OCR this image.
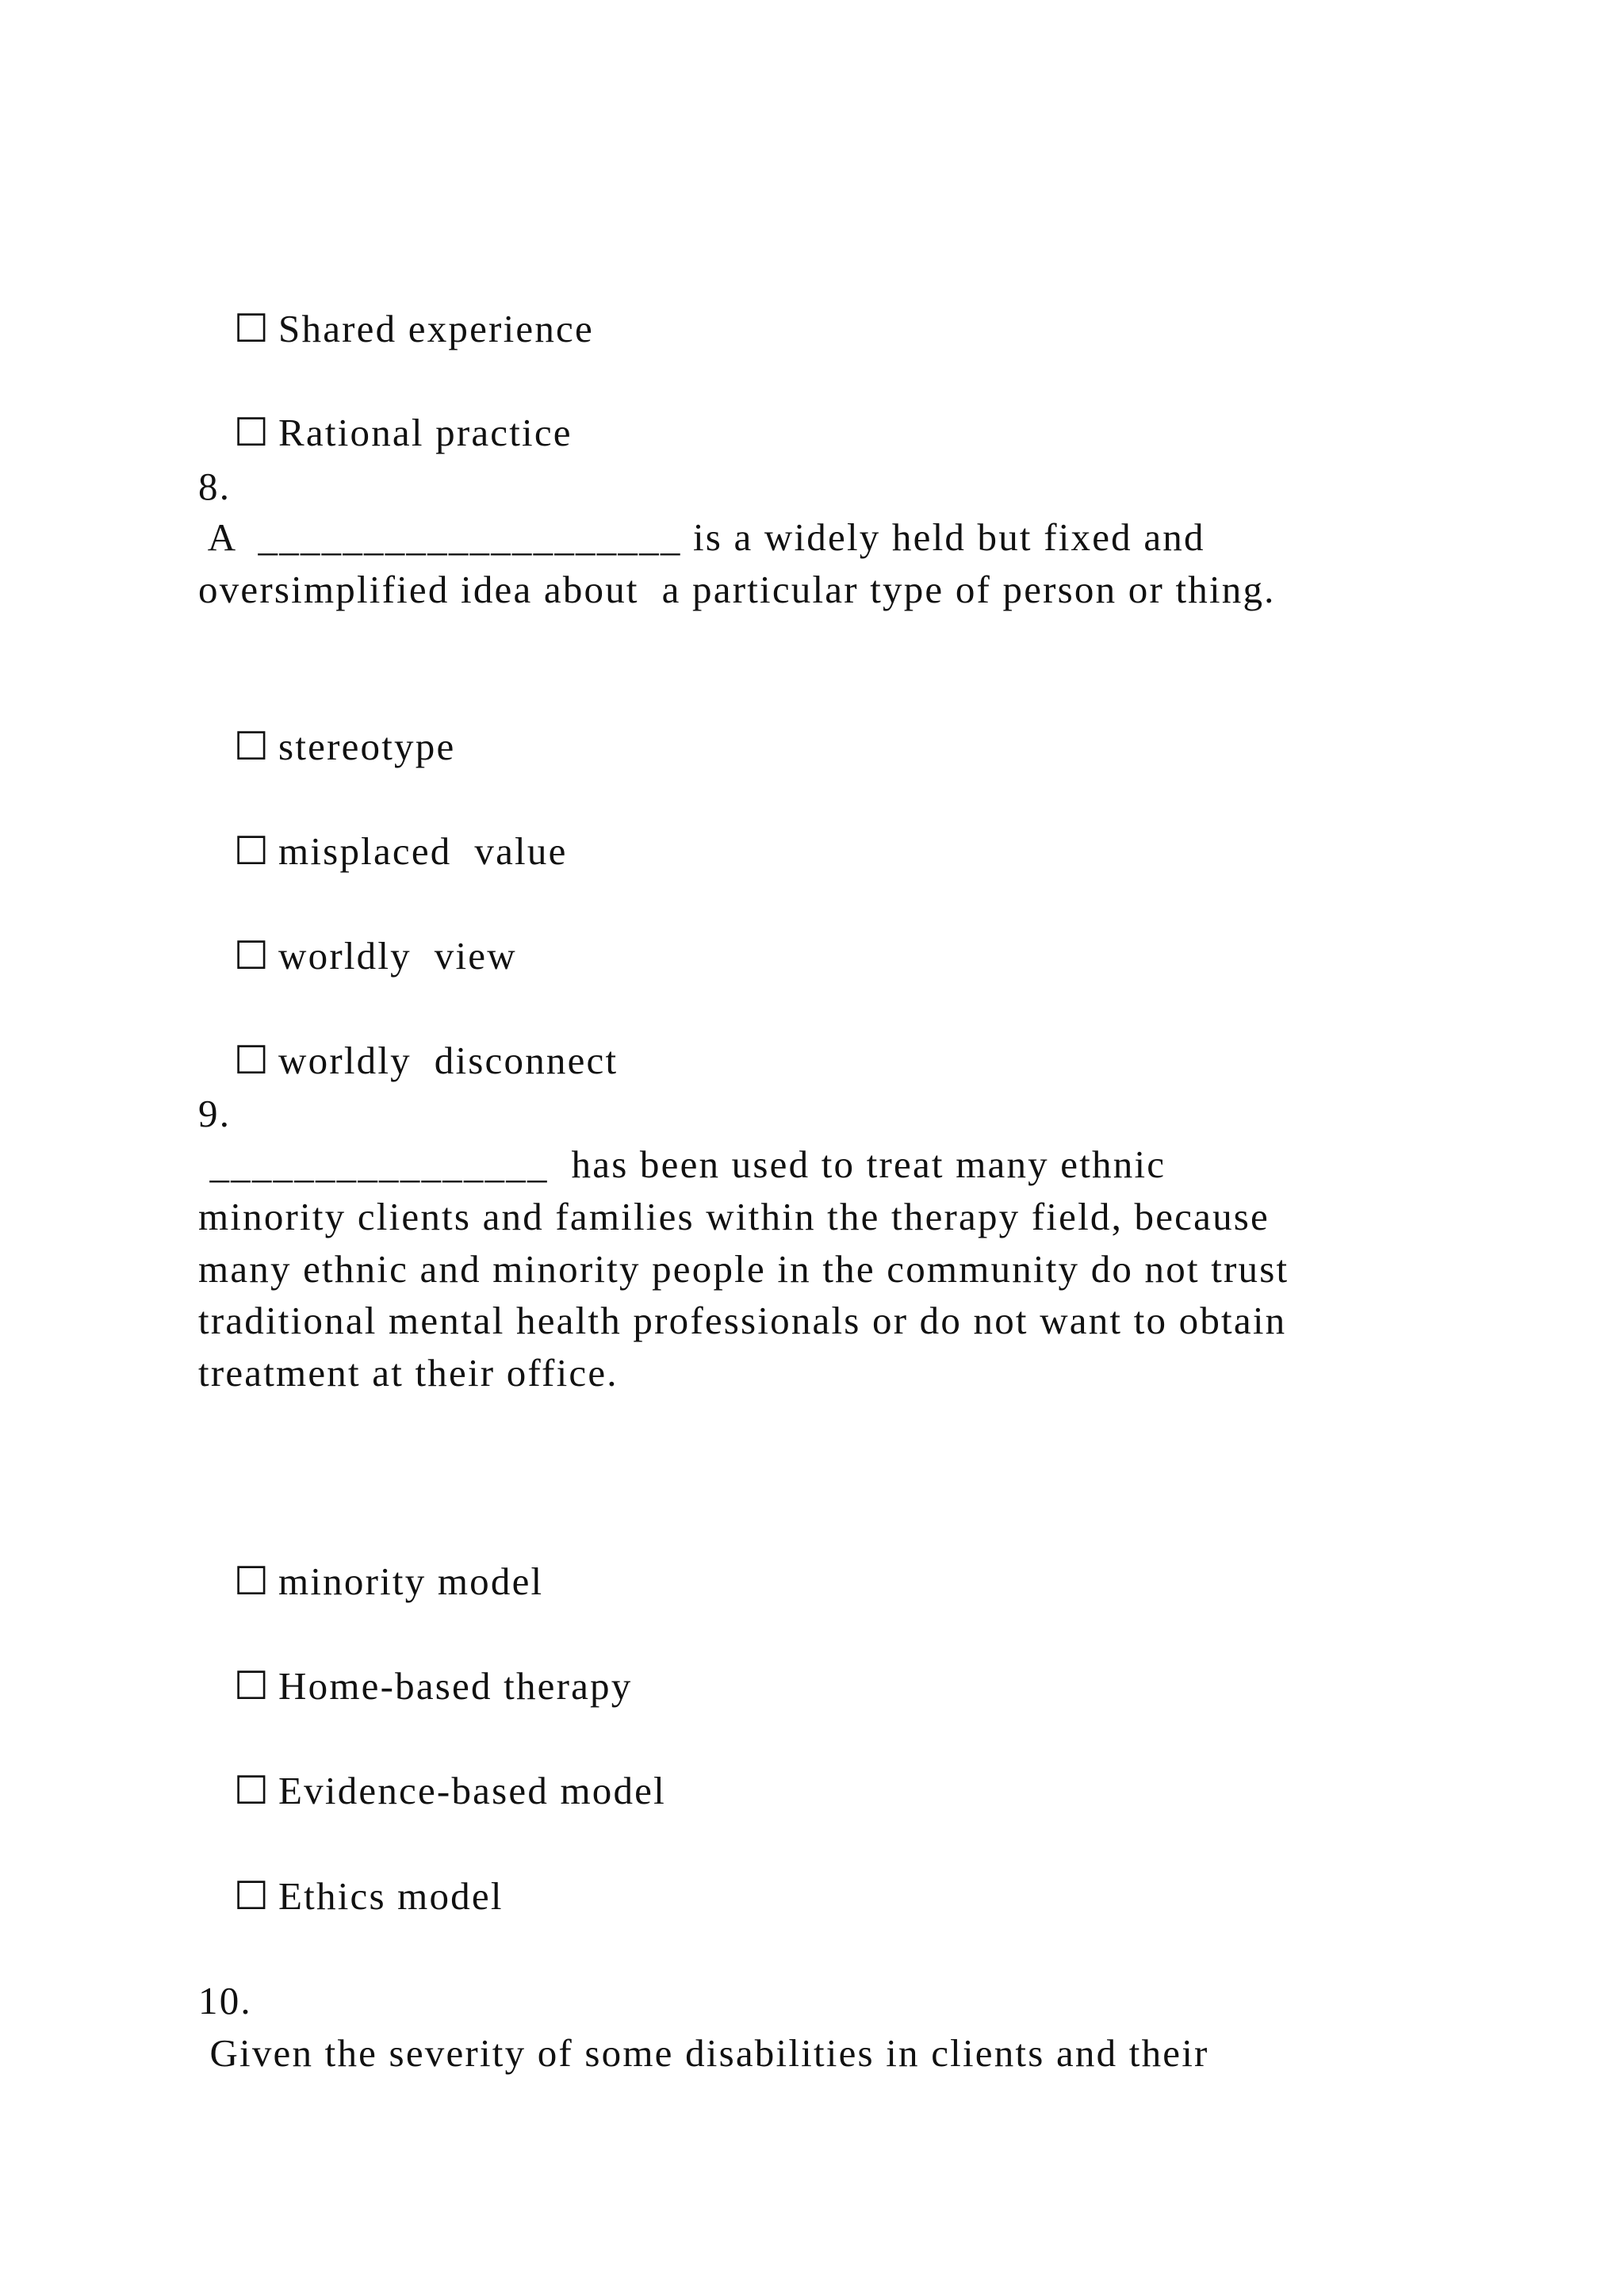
☐ Shared experience

☐ Rational practice

8.
A  ____________________ is a widely held but fixed and
oversimplified idea about  a particular type of person or thing.

☐ stereotype

☐ misplaced  value

☐ worldly  view

☐ worldly  disconnect

9.
________________  has been used to treat many ethnic
minority clients and families within the therapy field, because
many ethnic and minority people in the community do not trust
traditional mental health professionals or do not want to obtain
treatment at their office.

☐ minority model

☐ Home-based therapy

☐ Evidence-based model

☐ Ethics model

10.
Given the severity of some disabilities in clients and their
